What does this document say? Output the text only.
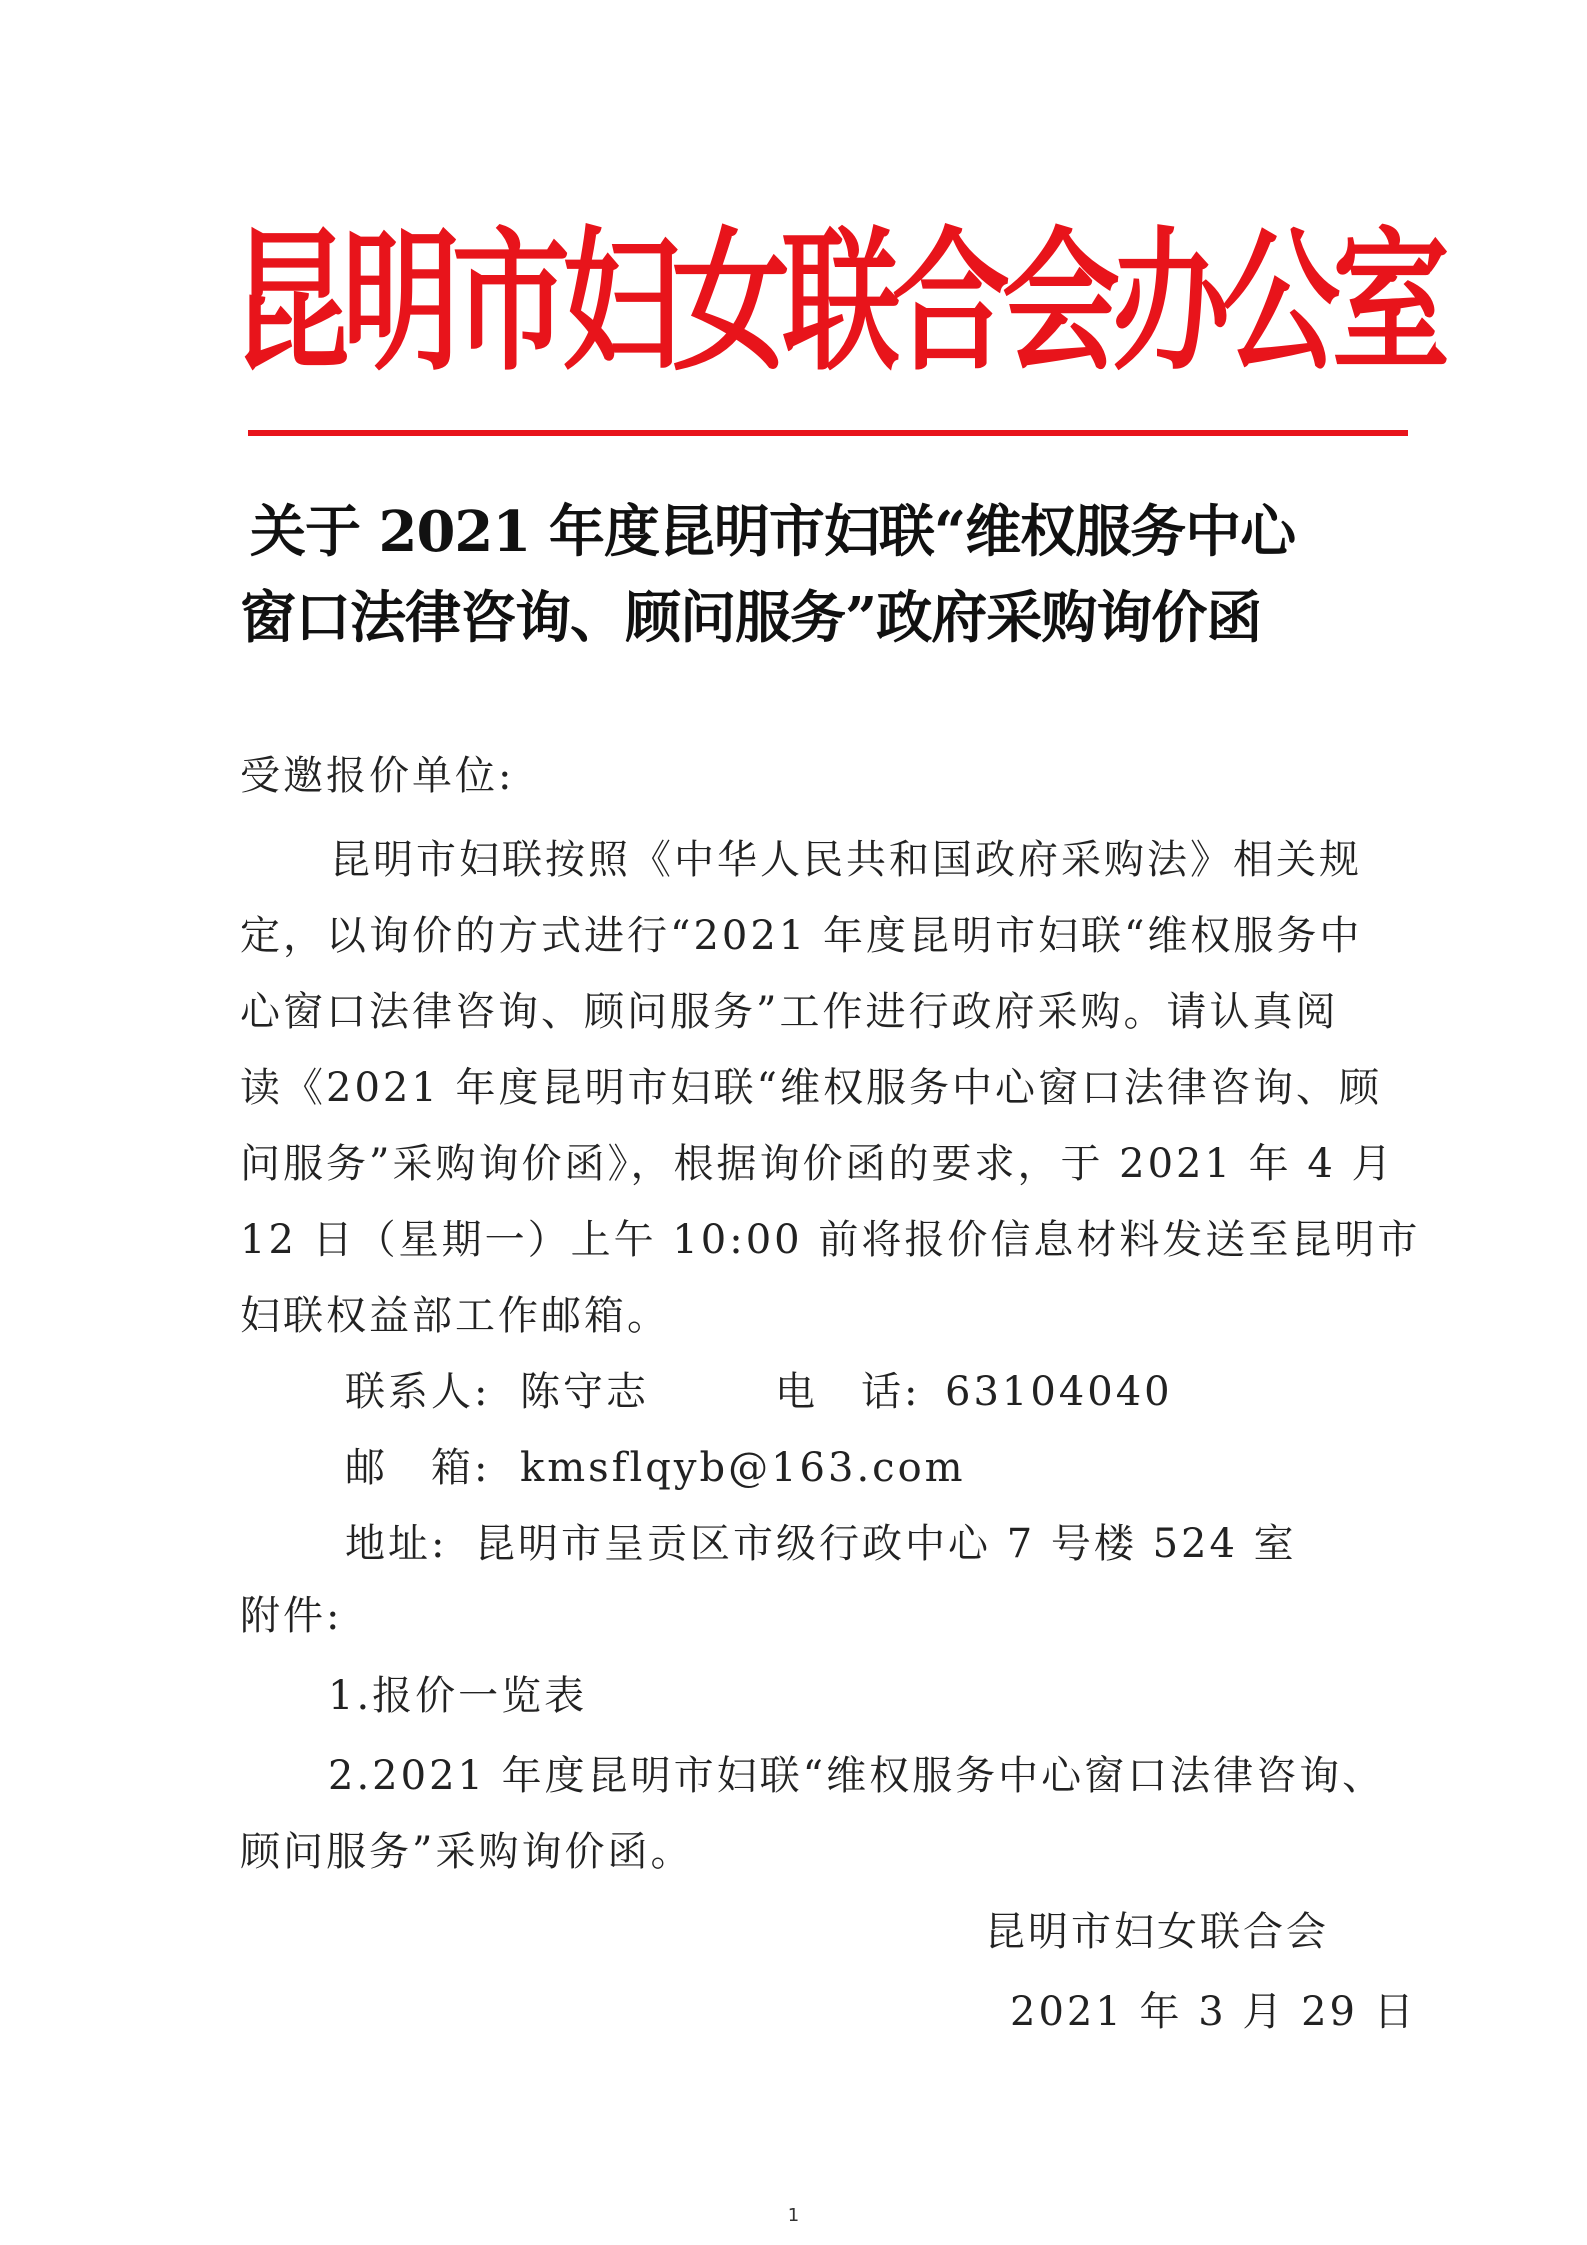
昆明市妇女联合会办公室
关于 2021 年度昆明市妇联“维权服务中心
窗口法律咨询、顾问服务”政府采购询价函
受邀报价单位:
昆明市妇联按照《中华人民共和国政府采购法》相关规
定，以询价的方式进行“2021 年度昆明市妇联“维权服务中
心窗口法律咨询、顾问服务”工作进行政府采购。请认真阅
读《2021 年度昆明市妇联“维权服务中心窗口法律咨询、顾
问服务”采购询价函》，根据询价函的要求，于 2021 年 4 月
12 日（星期一）上午 10:00 前将报价信息材料发送至昆明市
妇联权益部工作邮箱。
联系人: 陈守志	电　话: 63104040
邮　箱: kmsflqyb@163.com
地址: 昆明市呈贡区市级行政中心 7 号楼 524 室
附件:
1.报价一览表
2.2021 年度昆明市妇联“维权服务中心窗口法律咨询、
顾问服务”采购询价函。
昆明市妇女联合会
2021 年 3 月 29 日
1
